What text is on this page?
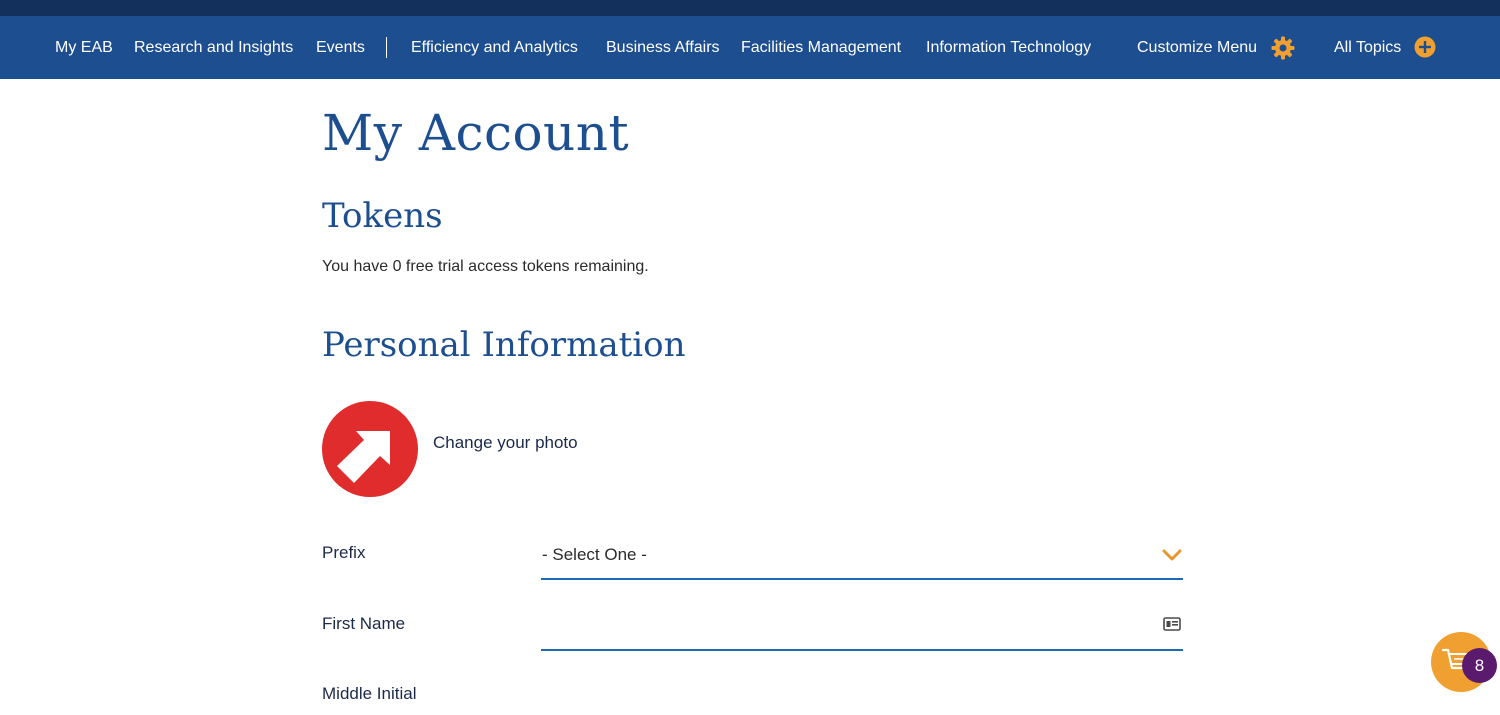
My EAB Research and Insights Events	Efficiency and Analytics Business Affairs Facilities Management Information Technology	Customize Menu	All Topics
My Account
Tokens
You have 0 free trial access tokens remaining.
Personal Information
Change your photo
Prefix	- Select One -
First Name
Middle Initial
8
